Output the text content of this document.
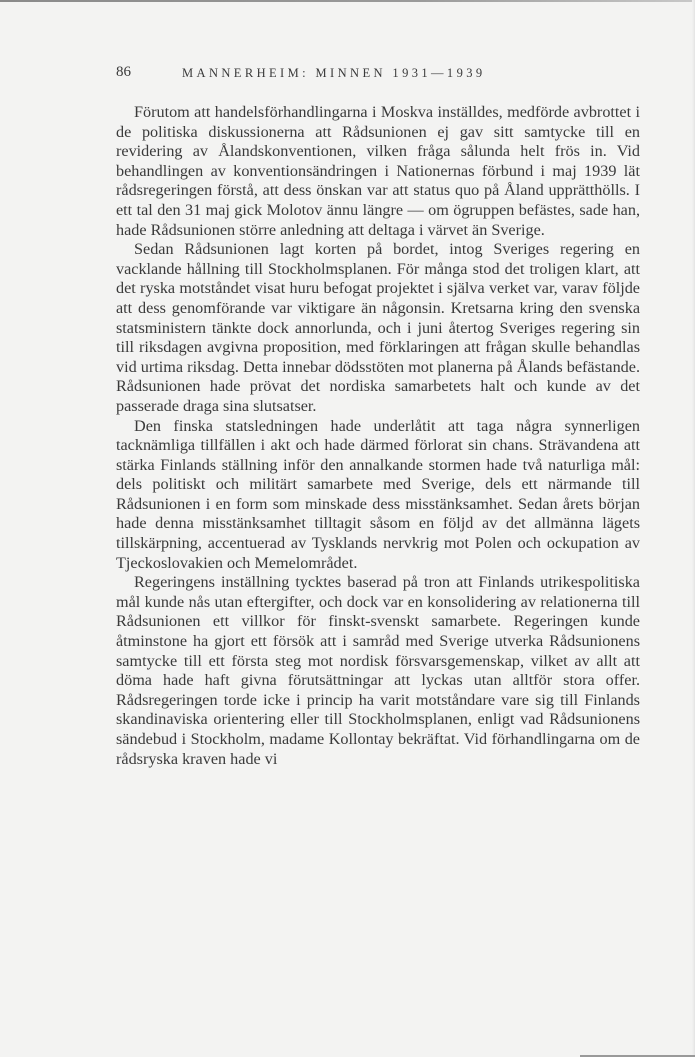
86	MANNERHEIM: MINNEN 1931—1939

Förutom att handelsförhandlingarna i Moskva inställdes, medförde avbrottet i de politiska diskussionerna att Rådsunionen ej gav sitt samtycke till en revidering av Ålandskonventionen, vilken fråga sålunda helt frös in. Vid behandlingen av konventionsändringen i Nationernas förbund i maj 1939 lät rådsregeringen förstå, att dess önskan var att status quo på Åland upprätthölls. I ett tal den 31 maj gick Molotov ännu längre — om ögruppen befästes, sade han, hade Rådsunionen större anledning att deltaga i värvet än Sverige.

Sedan Rådsunionen lagt korten på bordet, intog Sveriges regering en vacklande hållning till Stockholmsplanen. För många stod det troligen klart, att det ryska motståndet visat huru befogat projektet i själva verket var, varav följde att dess genomförande var viktigare än någonsin. Kretsarna kring den svenska statsministern tänkte dock annorlunda, och i juni återtog Sveriges regering sin till riksdagen avgivna proposition, med förklaringen att frågan skulle behandlas vid urtima riksdag. Detta innebar dödsstöten mot planerna på Ålands befästande. Rådsunionen hade prövat det nordiska samarbetets halt och kunde av det passerade draga sina slutsatser.

Den finska statsledningen hade underlåtit att taga några synnerligen tacknämliga tillfällen i akt och hade därmed förlorat sin chans. Strävandena att stärka Finlands ställning inför den annalkande stormen hade två naturliga mål: dels politiskt och militärt samarbete med Sverige, dels ett närmande till Rådsunionen i en form som minskade dess misstänksamhet. Sedan årets början hade denna misstänksamhet tilltagit såsom en följd av det allmänna lägets tillskärpning, accentuerad av Tysklands nervkrig mot Polen och ockupation av Tjeckoslovakien och Memelområdet.

Regeringens inställning tycktes baserad på tron att Finlands utrikespolitiska mål kunde nås utan eftergifter, och dock var en konsolidering av relationerna till Rådsunionen ett villkor för finskt-svenskt samarbete. Regeringen kunde åtminstone ha gjort ett försök att i samråd med Sverige utverka Rådsunionens samtycke till ett första steg mot nordisk försvarsgemenskap, vilket av allt att döma hade haft givna förutsättningar att lyckas utan alltför stora offer. Rådsregeringen torde icke i princip ha varit motståndare vare sig till Finlands skandinaviska orientering eller till Stockholmsplanen, enligt vad Rådsunionens sändebud i Stockholm, madame Kollontay bekräftat. Vid förhandlingarna om de rådsryska kraven hade vi
